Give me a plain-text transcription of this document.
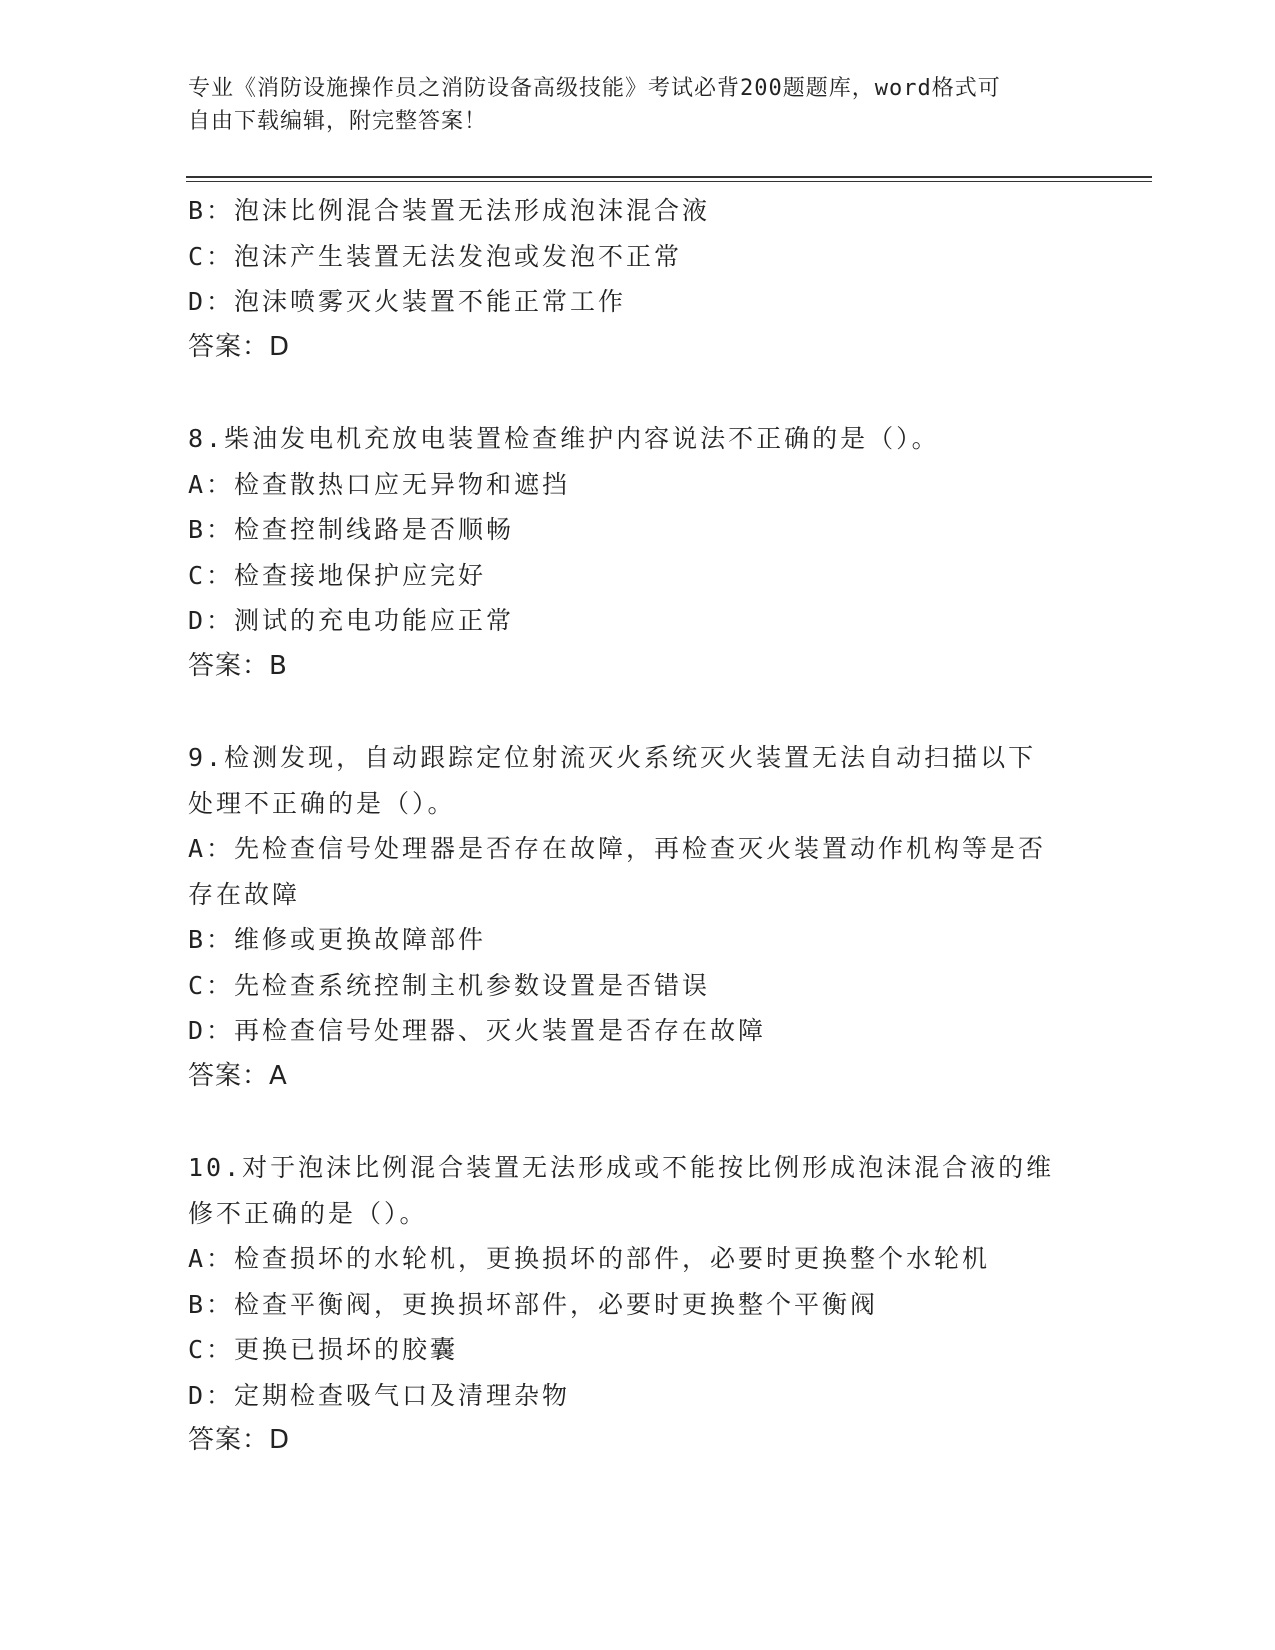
专业《消防设施操作员之消防设备高级技能》考试必背200题题库，word格式可
自由下载编辑，附完整答案！
B：泡沫比例混合装置无法形成泡沫混合液
C：泡沫产生装置无法发泡或发泡不正常
D：泡沫喷雾灭火装置不能正常工作
答案：D
8.柴油发电机充放电装置检查维护内容说法不正确的是（）。
A：检查散热口应无异物和遮挡
B：检查控制线路是否顺畅
C：检查接地保护应完好
D：测试的充电功能应正常
答案：B
9.检测发现，自动跟踪定位射流灭火系统灭火装置无法自动扫描以下
处理不正确的是（）。
A：先检查信号处理器是否存在故障，再检查灭火装置动作机构等是否
存在故障
B：维修或更换故障部件
C：先检查系统控制主机参数设置是否错误
D：再检查信号处理器、灭火装置是否存在故障
答案：A
10.对于泡沫比例混合装置无法形成或不能按比例形成泡沫混合液的维
修不正确的是（）。
A：检查损坏的水轮机，更换损坏的部件，必要时更换整个水轮机
B：检查平衡阀，更换损坏部件，必要时更换整个平衡阀
C：更换已损坏的胶囊
D：定期检查吸气口及清理杂物
答案：D
